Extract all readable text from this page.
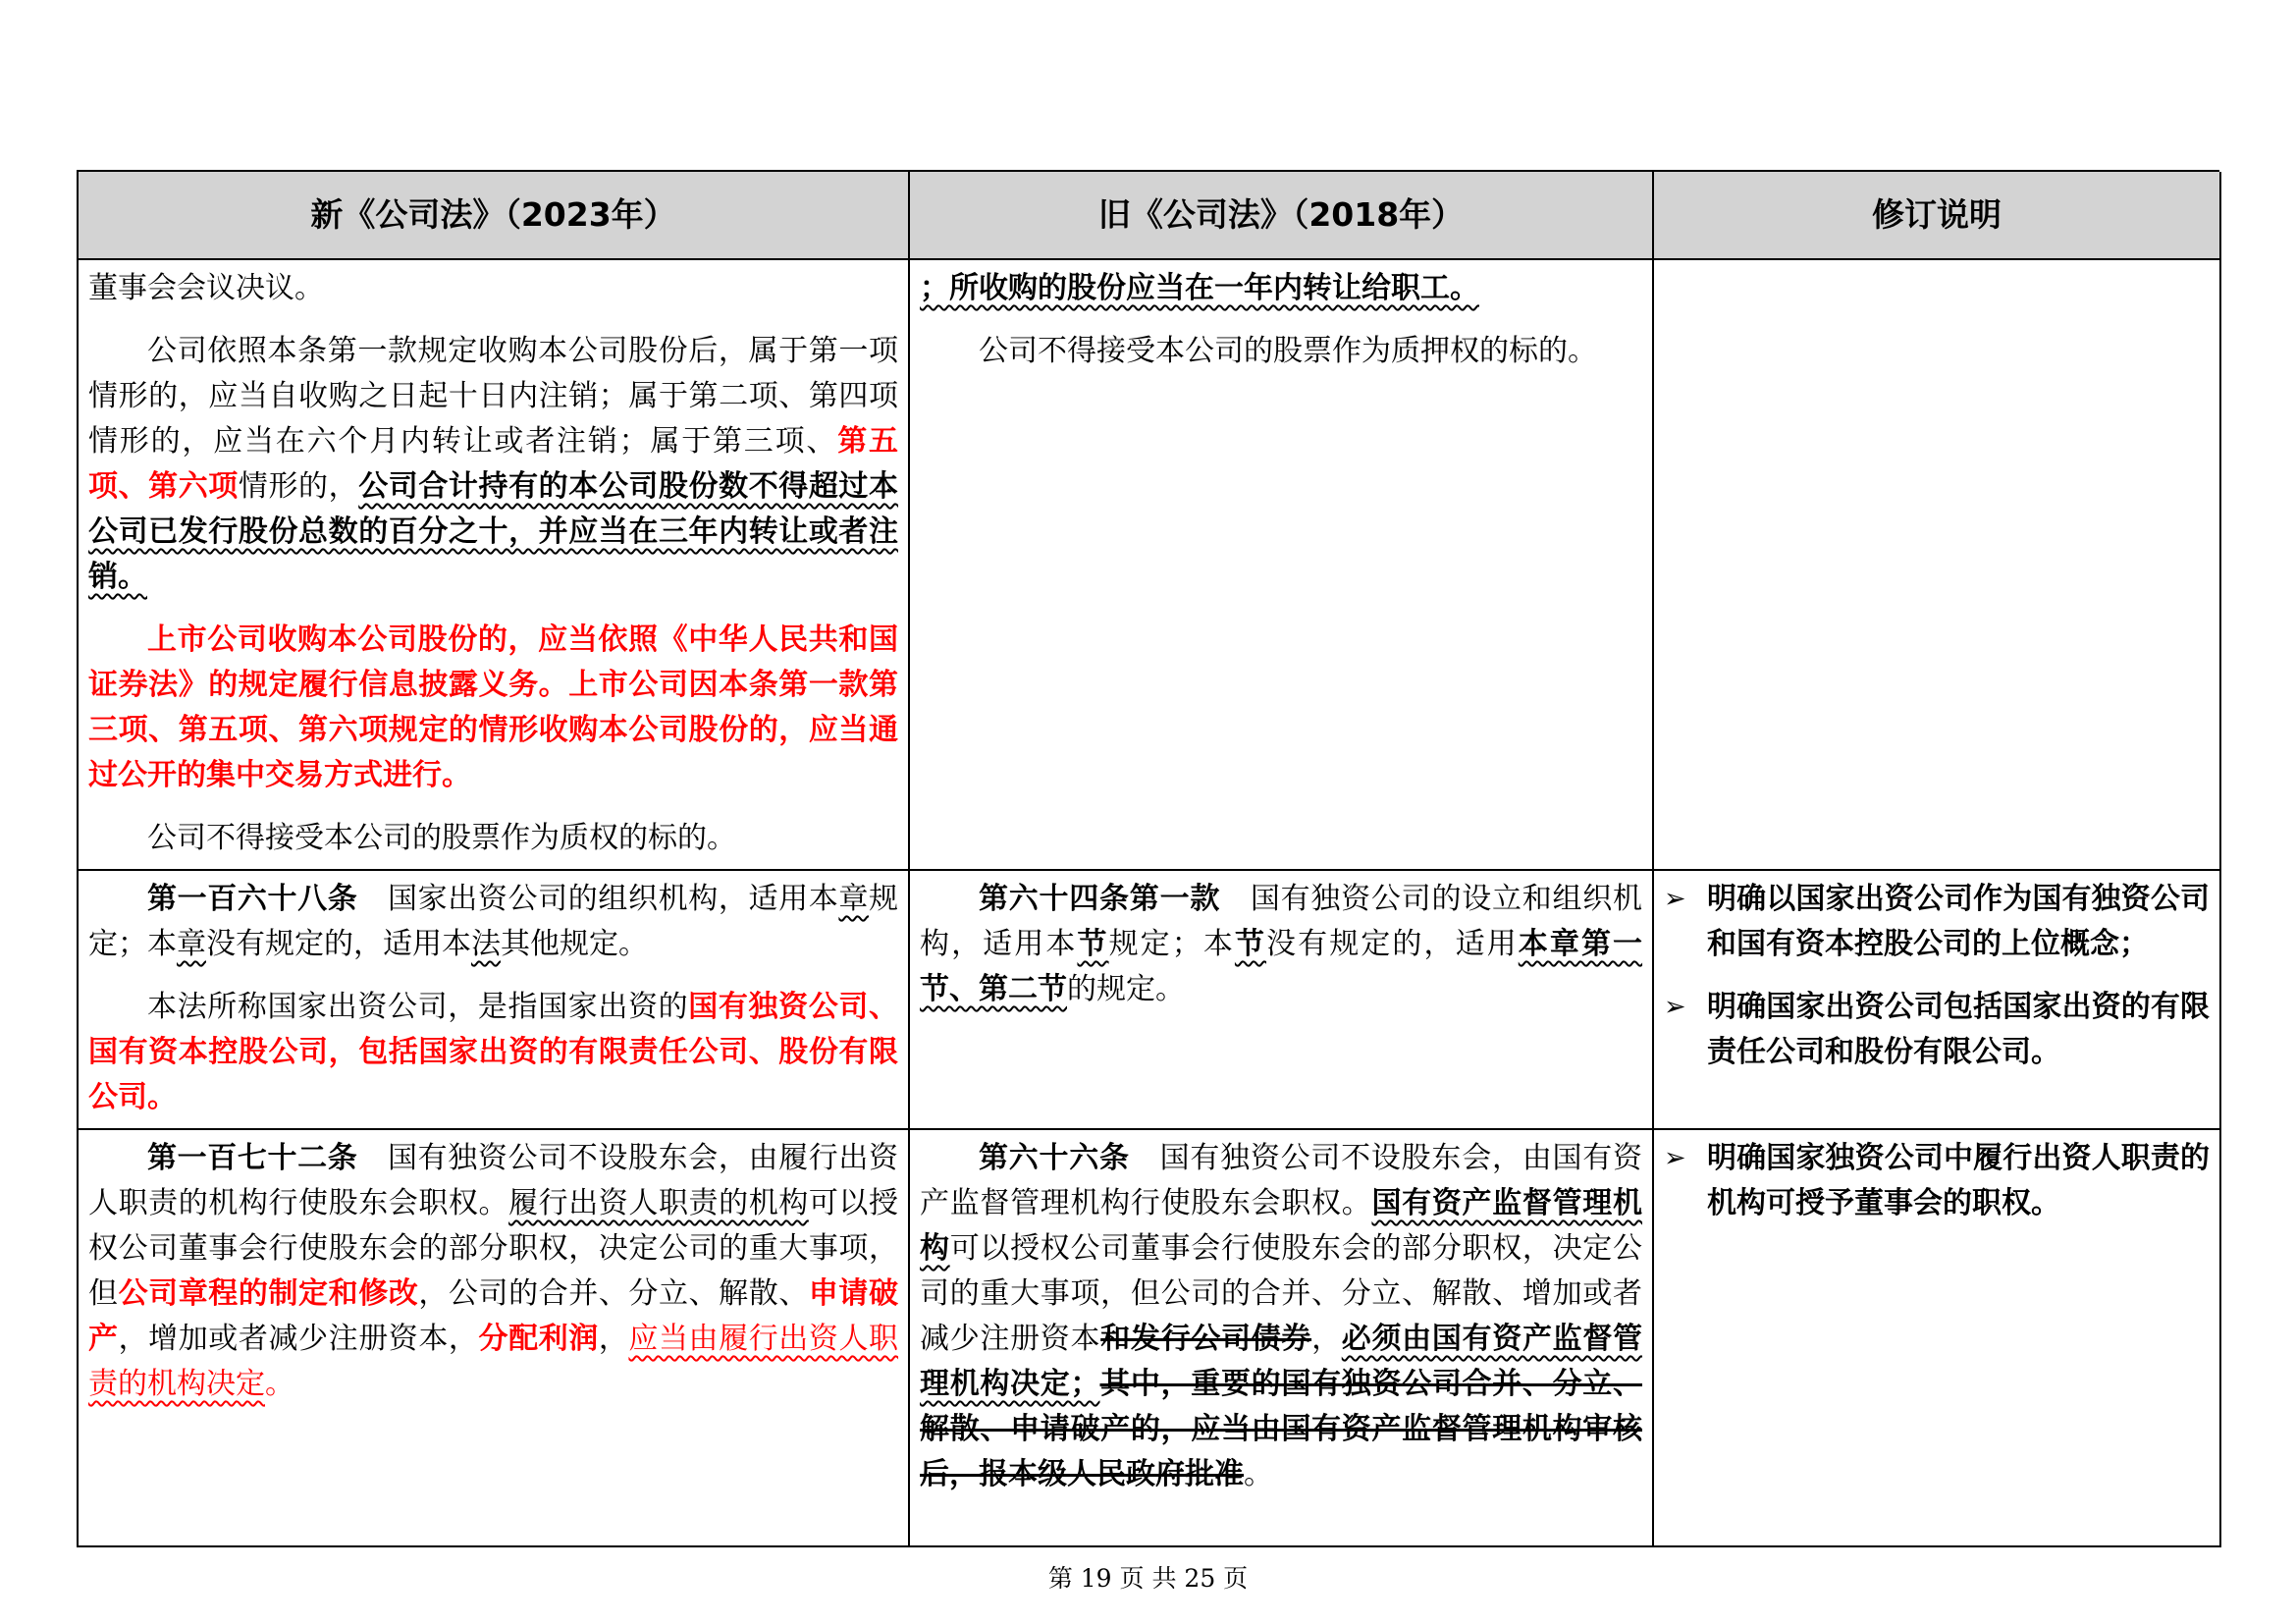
新《公司法》（2023年）	旧《公司法》（2018年）	修订说明

董事会会议决议。

公司依照本条第一款规定收购本公司股份后，属于第一项情形的，应当自收购之日起十日内注销；属于第二项、第四项情形的，应当在六个月内转让或者注销；属于第三项、第五项、第六项情形的，公司合计持有的本公司股份数不得超过本公司已发行股份总数的百分之十，并应当在三年内转让或者注销。

上市公司收购本公司股份的，应当依照《中华人民共和国证券法》的规定履行信息披露义务。上市公司因本条第一款第三项、第五项、第六项规定的情形收购本公司股份的，应当通过公开的集中交易方式进行。

公司不得接受本公司的股票作为质权的标的。

；所收购的股份应当在一年内转让给职工。

公司不得接受本公司的股票作为质押权的标的。

第一百六十八条　国家出资公司的组织机构，适用本章规定；本章没有规定的，适用本法其他规定。

本法所称国家出资公司，是指国家出资的国有独资公司、国有资本控股公司，包括国家出资的有限责任公司、股份有限公司。

第六十四条第一款　国有独资公司的设立和组织机构，适用本节规定；本节没有规定的，适用本章第一节、第二节的规定。

➢ 明确以国家出资公司作为国有独资公司和国有资本控股公司的上位概念；
➢ 明确国家出资公司包括国家出资的有限责任公司和股份有限公司。

第一百七十二条　国有独资公司不设股东会，由履行出资人职责的机构行使股东会职权。履行出资人职责的机构可以授权公司董事会行使股东会的部分职权，决定公司的重大事项，但公司章程的制定和修改，公司的合并、分立、解散、申请破产，增加或者减少注册资本，分配利润，应当由履行出资人职责的机构决定。

第六十六条　国有独资公司不设股东会，由国有资产监督管理机构行使股东会职权。国有资产监督管理机构可以授权公司董事会行使股东会的部分职权，决定公司的重大事项，但公司的合并、分立、解散、增加或者减少注册资本和发行公司债券，必须由国有资产监督管理机构决定；其中，重要的国有独资公司合并、分立、解散、申请破产的，应当由国有资产监督管理机构审核后，报本级人民政府批准。

➢ 明确国家独资公司中履行出资人职责的机构可授予董事会的职权。
第 19 页 共 25 页
